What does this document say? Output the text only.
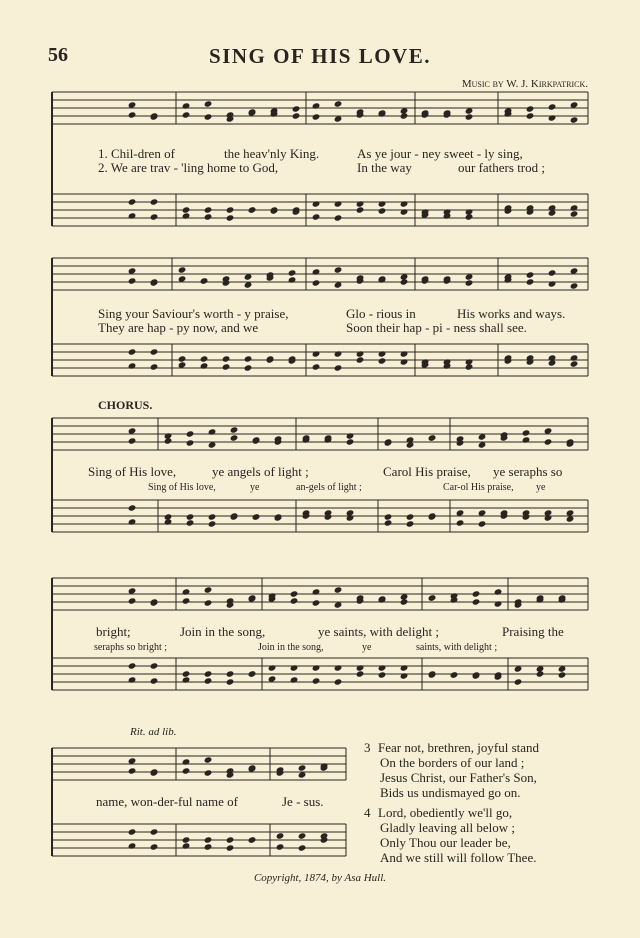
56	SING OF HIS LOVE.
Music by W. J. Kirkpatrick.
1. Chil-dren of	the heav'nly King.	As ye jour - ney sweet - ly sing,
2. We are trav - 'ling home to God,	In the way	our fathers trod ;
Sing your Saviour's worth - y praise,	Glo - rious in	His works and ways.
They are hap - py now, and we	Soon their hap - pi - ness shall see.
CHORUS.
Sing of His love,	ye angels of light ;	Carol His praise, ye seraphs so
Sing of His love,	ye	an-gels of light ;	Car-ol His praise, ye
bright;	Join in the song,	ye saints, with delight ;	Praising the
seraphs so bright ;	Join in the song,	ye	saints, with delight ;
Rit. ad lib.
name, won-der-ful name of	Je - sus.
3 Fear not, brethren, joyful stand
On the borders of our land ;
Jesus Christ, our Father's Son,
Bids us undismayed go on.
4 Lord, obediently we'll go,
Gladly leaving all below ;
Only Thou our leader be,
And we still will follow Thee.
Copyright, 1874, by Asa Hull.
